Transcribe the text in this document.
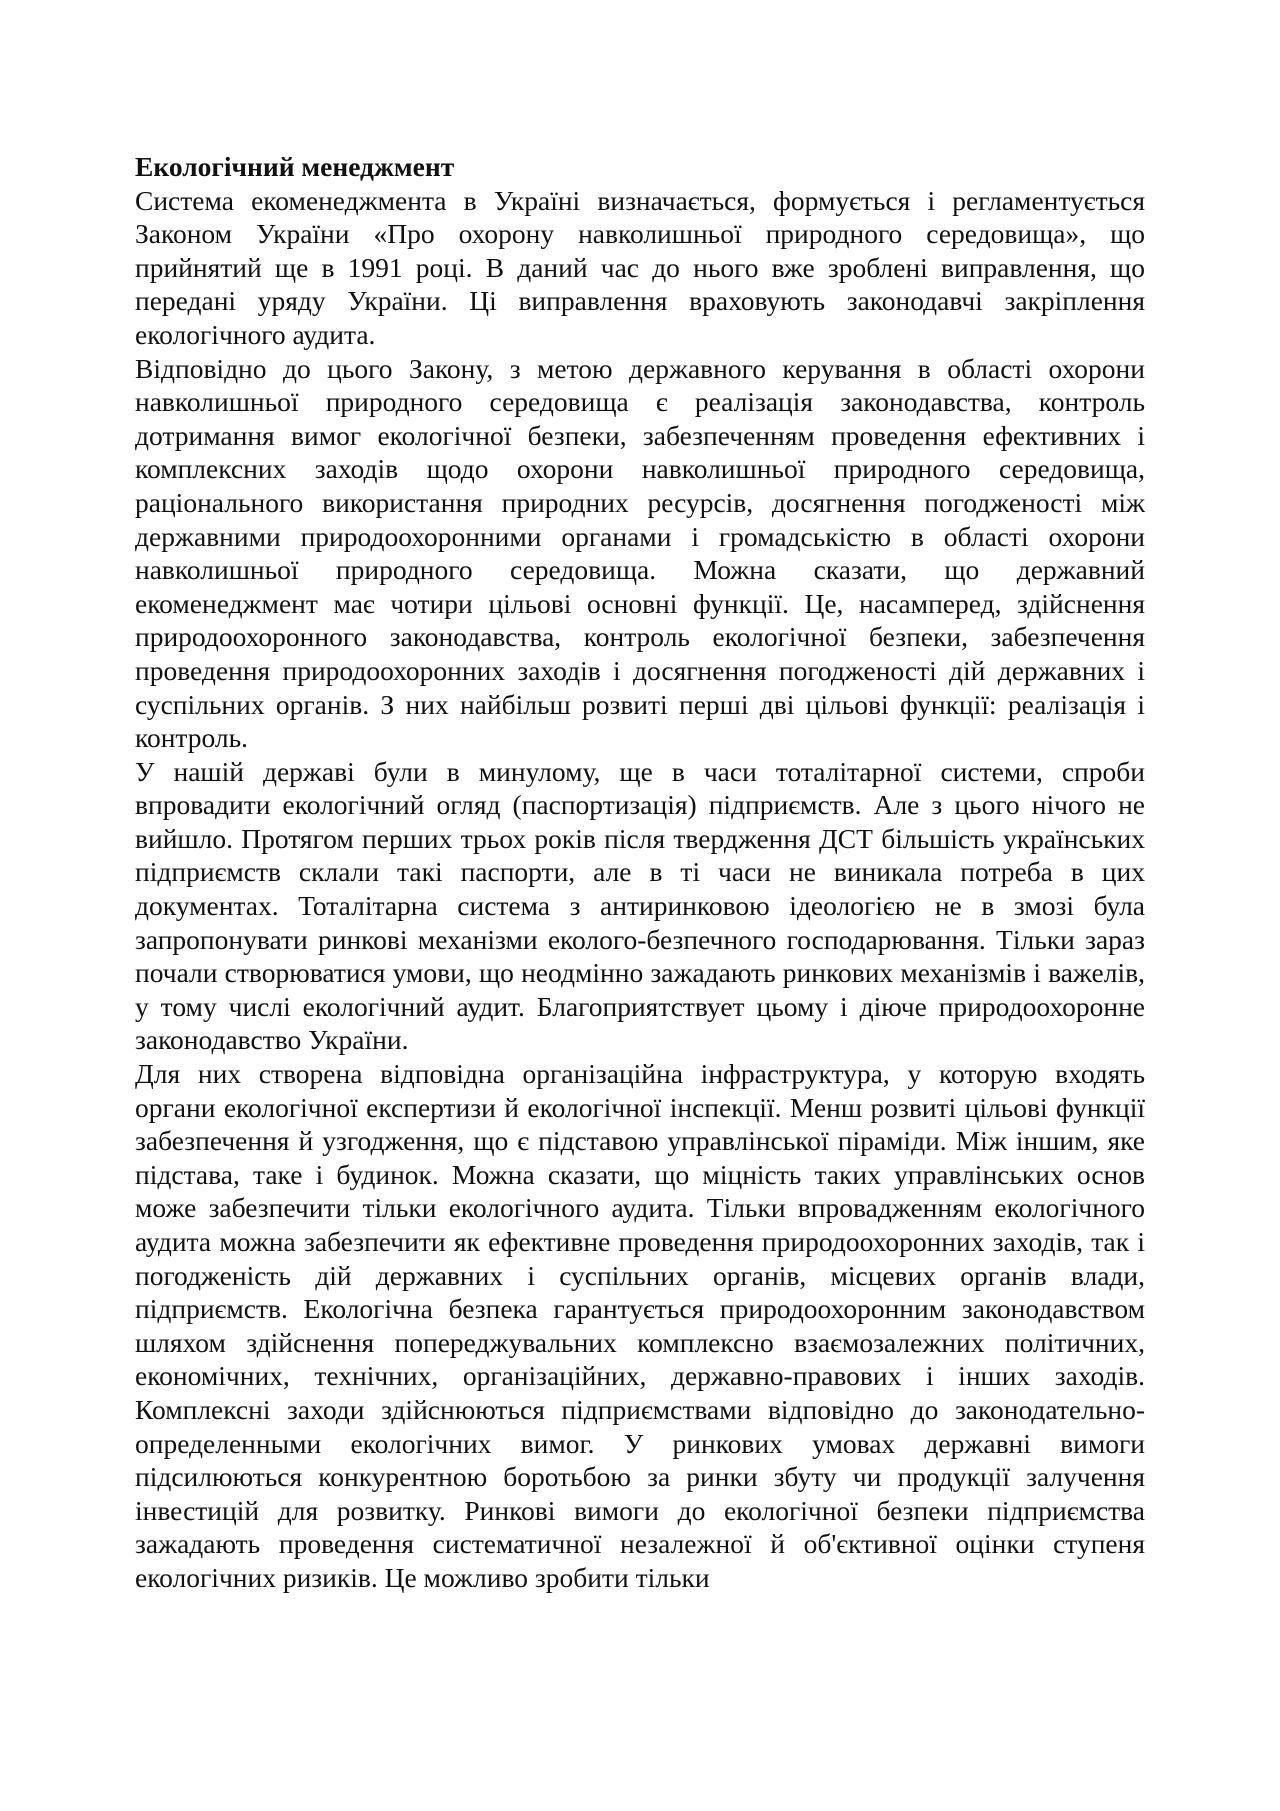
Екологічний менеджмент

Система екоменеджмента в Україні визначається, формується і регламентується Законом України «Про охорону навколишньої природного середовища», що прийнятий ще в 1991 році. В даний час до нього вже зроблені виправлення, що передані уряду України. Ці виправлення враховують законодавчі закріплення екологічного аудита.

Відповідно до цього Закону, з метою державного керування в області охорони навколишньої природного середовища є реалізація законодавства, контроль дотримання вимог екологічної безпеки, забезпеченням проведення ефективних і комплексних заходів щодо охорони навколишньої природного середовища, раціонального використання природних ресурсів, досягнення погодженості між державними природоохоронними органами і громадськістю в області охорони навколишньої природного середовища. Можна сказати, що державний екоменеджмент має чотири цільові основні функції. Це, насамперед, здійснення природоохоронного законодавства, контроль екологічної безпеки, забезпечення проведення природоохоронних заходів і досягнення погодженості дій державних і суспільних органів. З них найбільш розвиті перші дві цільові функції: реалізація і контроль.

У нашій державі були в минулому, ще в часи тоталітарної системи, спроби впровадити екологічний огляд (паспортизація) підприємств. Але з цього нічого не вийшло. Протягом перших трьох років після твердження ДСТ більшість українських підприємств склали такі паспорти, але в ті часи не виникала потреба в цих документах. Тоталітарна система з антиринковою ідеологією не в змозі була запропонувати ринкові механізми еколого-безпечного господарювання. Тільки зараз почали створюватися умови, що неодмінно зажадають ринкових механізмів і важелів, у тому числі екологічний аудит. Благоприятствует цьому і діюче природоохоронне законодавство України.

Для них створена відповідна організаційна інфраструктура, у которую входять органи екологічної експертизи й екологічної інспекції. Менш розвиті цільові функції забезпечення й узгодження, що є підставою управлінської піраміди. Між іншим, яке підстава, таке і будинок. Можна сказати, що міцність таких управлінських основ може забезпечити тільки екологічного аудита. Тільки впровадженням екологічного аудита можна забезпечити як ефективне проведення природоохоронних заходів, так і погодженість дій державних і суспільних органів, місцевих органів влади, підприємств. Екологічна безпека гарантується природоохоронним законодавством шляхом здійснення попереджувальних комплексно взаємозалежних політичних, економічних, технічних, організаційних, державно-правових і інших заходів. Комплексні заходи здійснюються підприємствами відповідно до законодательно-определенными екологічних вимог. У ринкових умовах державні вимоги підсилюються конкурентною боротьбою за ринки збуту чи продукції залучення інвестицій для розвитку. Ринкові вимоги до екологічної безпеки підприємства зажадають проведення систематичної незалежної й об'єктивної оцінки ступеня екологічних ризиків. Це можливо зробити тільки
